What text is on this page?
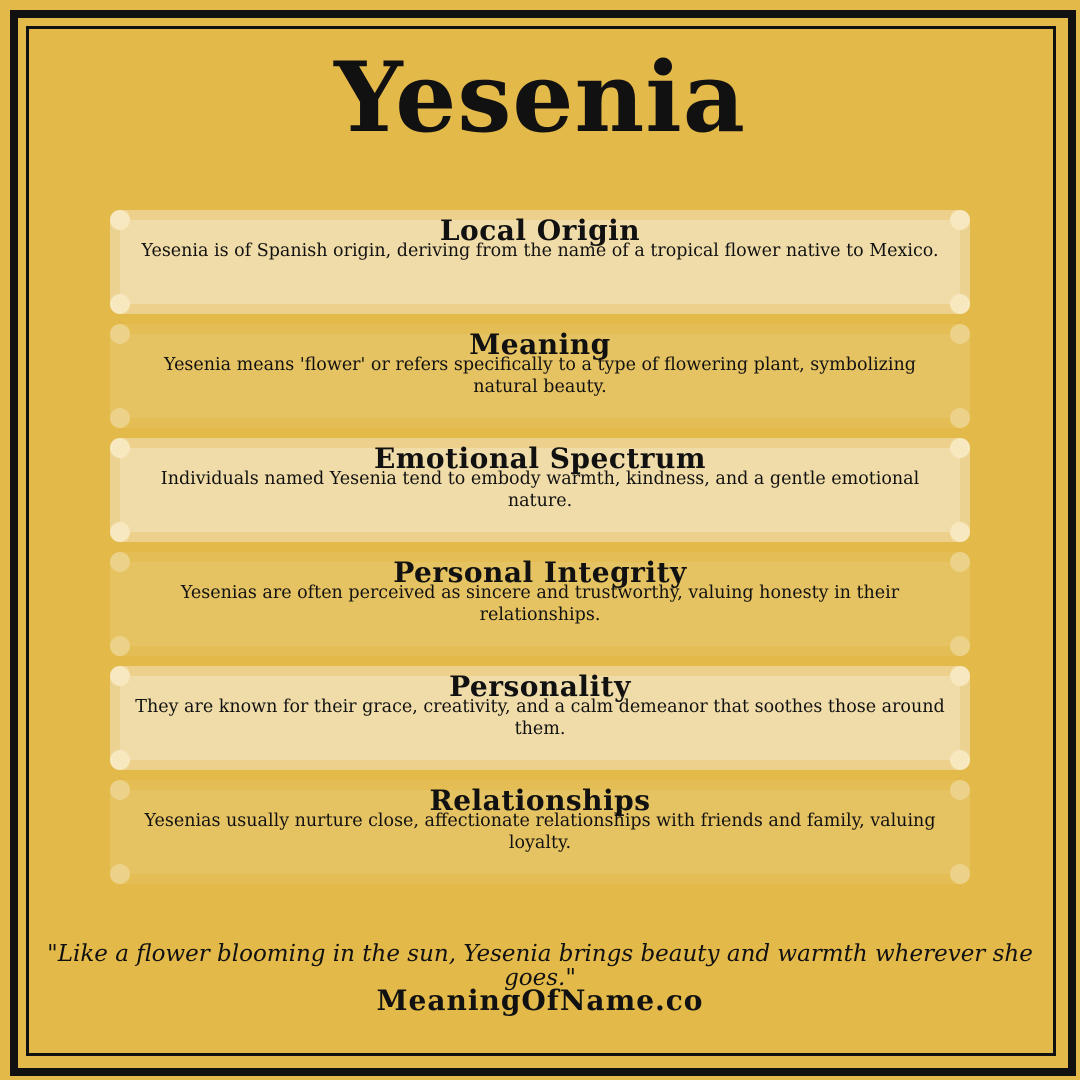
Yesenia
Local Origin
Yesenia is of Spanish origin, deriving from the name of a tropical flower native to Mexico.
Meaning
Yesenia means 'flower' or refers specifically to a type of flowering plant, symbolizing natural beauty.
Emotional Spectrum
Individuals named Yesenia tend to embody warmth, kindness, and a gentle emotional nature.
Personal Integrity
Yesenias are often perceived as sincere and trustworthy, valuing honesty in their relationships.
Personality
They are known for their grace, creativity, and a calm demeanor that soothes those around them.
Relationships
Yesenias usually nurture close, affectionate relationships with friends and family, valuing loyalty.
"Like a flower blooming in the sun, Yesenia brings beauty and warmth wherever she goes."
MeaningOfName.co
